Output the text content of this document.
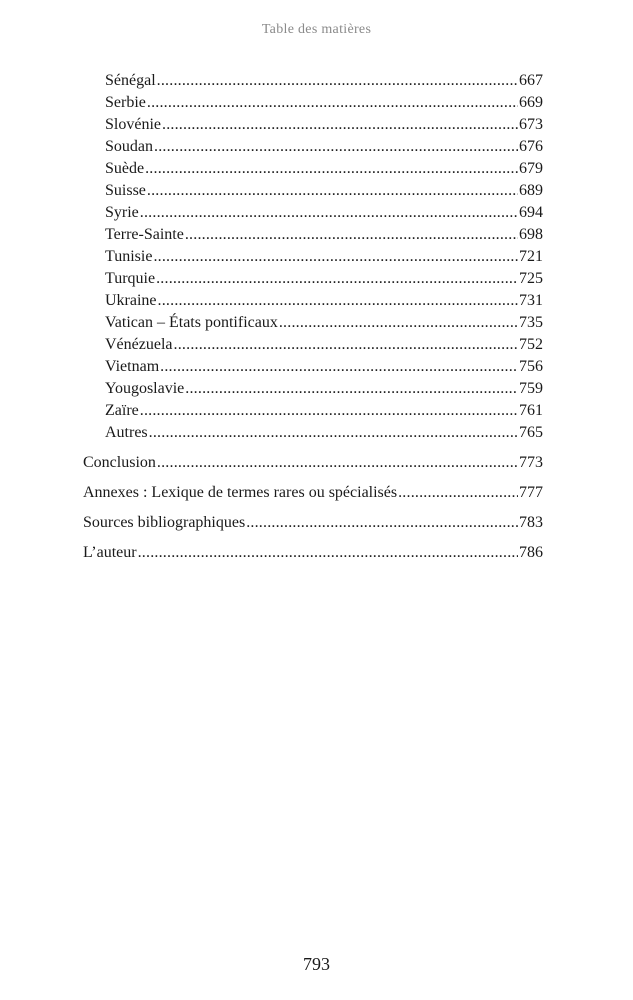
Table des matières
Sénégal .....	667
Serbie .....	669
Slovénie .....	673
Soudan .....	676
Suède .....	679
Suisse .....	689
Syrie .....	694
Terre-Sainte .....	698
Tunisie .....	721
Turquie .....	725
Ukraine .....	731
Vatican – États pontificaux .....	735
Vénézuela .....	752
Vietnam .....	756
Yougoslavie .....	759
Zaïre .....	761
Autres .....	765
Conclusion .....	773
Annexes : Lexique de termes rares ou spécialisés .....	777
Sources bibliographiques .....	783
L’auteur .....	786
793
